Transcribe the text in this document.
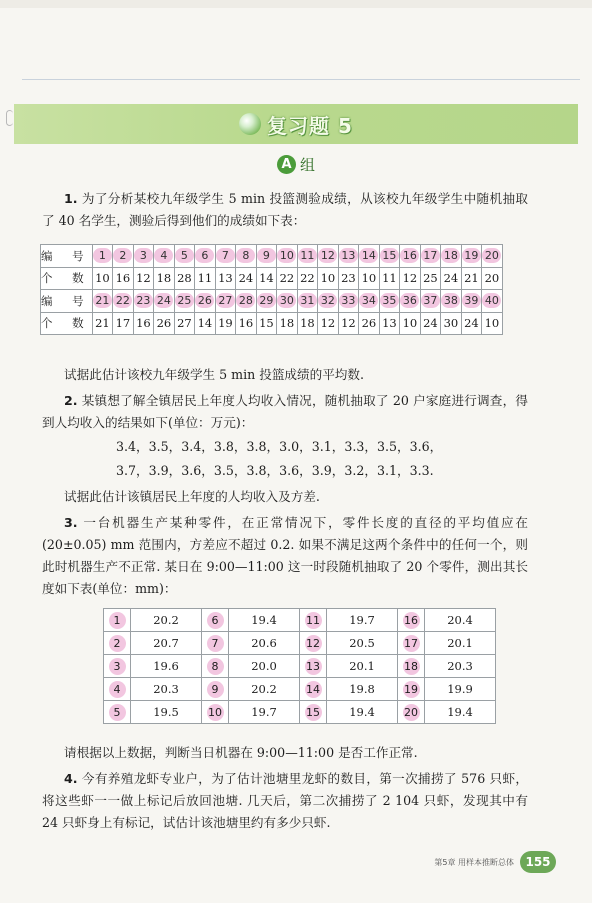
复习题 5
A 组
1. 为了分析某校九年级学生 5 min 投篮测验成绩，从该校九年级学生中随机抽取了 40 名学生，测验后得到他们的成绩如下表：
编 号	1	2	3	4	5	6	7	8	9	10	11	12	13	14	15	16	17	18	19	20
个 数	10	16	12	18	28	11	13	24	14	22	22	10	23	10	11	12	25	24	21	20
编 号	21	22	23	24	25	26	27	28	29	30	31	32	33	34	35	36	37	38	39	40
个 数	21	17	16	26	27	14	19	16	15	18	18	12	12	26	13	10	24	30	24	10
试据此估计该校九年级学生 5 min 投篮成绩的平均数.
2. 某镇想了解全镇居民上年度人均收入情况，随机抽取了 20 户家庭进行调查，得到人均收入的结果如下(单位：万元)：
3.4，3.5，3.4，3.8，3.8，3.0，3.1，3.3，3.5，3.6，
3.7，3.9，3.6，3.5，3.8，3.6，3.9，3.2，3.1，3.3.
试据此估计该镇居民上年度的人均收入及方差.
3. 一台机器生产某种零件，在正常情况下，零件长度的直径的平均值应在(20±0.05) mm 范围内，方差应不超过 0.2. 如果不满足这两个条件中的任何一个，则此时机器生产不正常. 某日在 9:00—11:00 这一时段随机抽取了 20 个零件，测出其长度如下表(单位：mm)：
1	20.2	6	19.4	11	19.7	16	20.4
2	20.7	7	20.6	12	20.5	17	20.1
3	19.6	8	20.0	13	20.1	18	20.3
4	20.3	9	20.2	14	19.8	19	19.9
5	19.5	10	19.7	15	19.4	20	19.4
请根据以上数据，判断当日机器在 9:00—11:00 是否工作正常.
4. 今有养殖龙虾专业户，为了估计池塘里龙虾的数目，第一次捕捞了 576 只虾，将这些虾一一做上标记后放回池塘. 几天后，第二次捕捞了 2 104 只虾，发现其中有 24 只虾身上有标记，试估计该池塘里约有多少只虾.
第5章 用样本推断总体 155
